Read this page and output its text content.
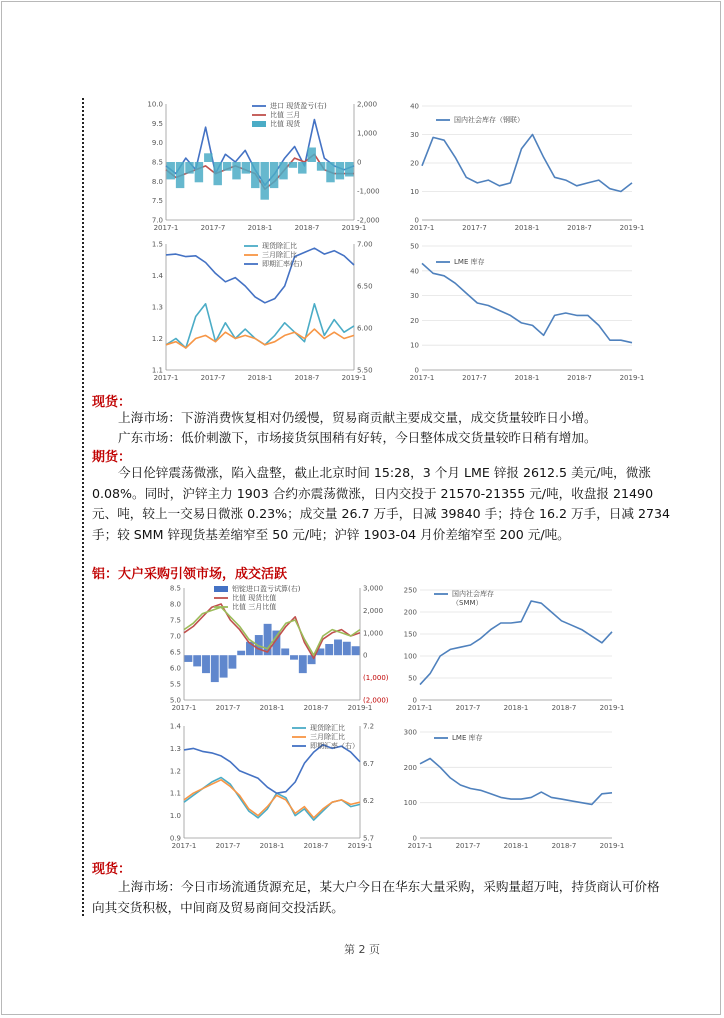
10.0
9.5
9.0
8.5
8.0
7.5
7.0
2,000
1,000
0
-1,000
-2,000
2017-1	2017-7	2018-1	2018-7	2019-1
进口 现货盈亏(右)
比值 三月
比值 现货
40
30
20
10
0
2017-1	2017-7	2018-1	2018-7	2019-1
国内社会库存（钢联）
1.5
1.4
1.3
1.2
1.1
7.00
6.50
6.00
5.50
2017-1	2017-7	2018-1	2018-7	2019-1
现货除汇比
三月除汇比
即期汇率(右)
50
40
30
20
10
0
2017-1	2017-7	2018-1	2018-7	2019-1
LME 库存
现货：
上海市场：下游消费恢复相对仍缓慢，贸易商贡献主要成交量，成交货量较昨日小增。
广东市场：低价刺激下，市场接货氛围稍有好转，今日整体成交货量较昨日稍有增加。
期货：
今日伦锌震荡微涨，陷入盘整，截止北京时间 15:28，3 个月 LME 锌报 2612.5 美元/吨，微涨 0.08%。同时，沪锌主力 1903 合约亦震荡微涨，日内交投于 21570-21355 元/吨，收盘报 21490 元、吨，较上一交易日微涨 0.23%；成交量 26.7 万手，日减 39840 手；持仓 16.2 万手，日减 2734 手；较 SMM 锌现货基差缩窄至 50 元/吨；沪锌 1903-04 月价差缩窄至 200 元/吨。
铝：大户采购引领市场，成交活跃
8.5
8.0
7.5
7.0
6.5
6.0
5.5
5.0
3,000
2,000
1,000
0
(1,000)
(2,000)
2017-1	2017-7	2018-1	2018-7	2019-1
铝锭进口盈亏试算(右)
比值 现货比值
比值 三月比值
250
200
150
100
50
0
2017-1	2017-7	2018-1	2018-7	2019-1
国内社会库存
（SMM）
1.4
1.3
1.2
1.1
1.0
0.9
7.2
6.7
6.2
5.7
2017-1	2017-7	2018-1	2018-7	2019-1
现货除汇比
三月除汇比
即期汇率（右）
300
200
100
0
2017-1	2017-7	2018-1	2018-7	2019-1
LME 库存
现货：
上海市场：今日市场流通货源充足，某大户今日在华东大量采购，采购量超万吨，持货商认可价格向其交货积极，中间商及贸易商间交投活跃。
第 2 页
